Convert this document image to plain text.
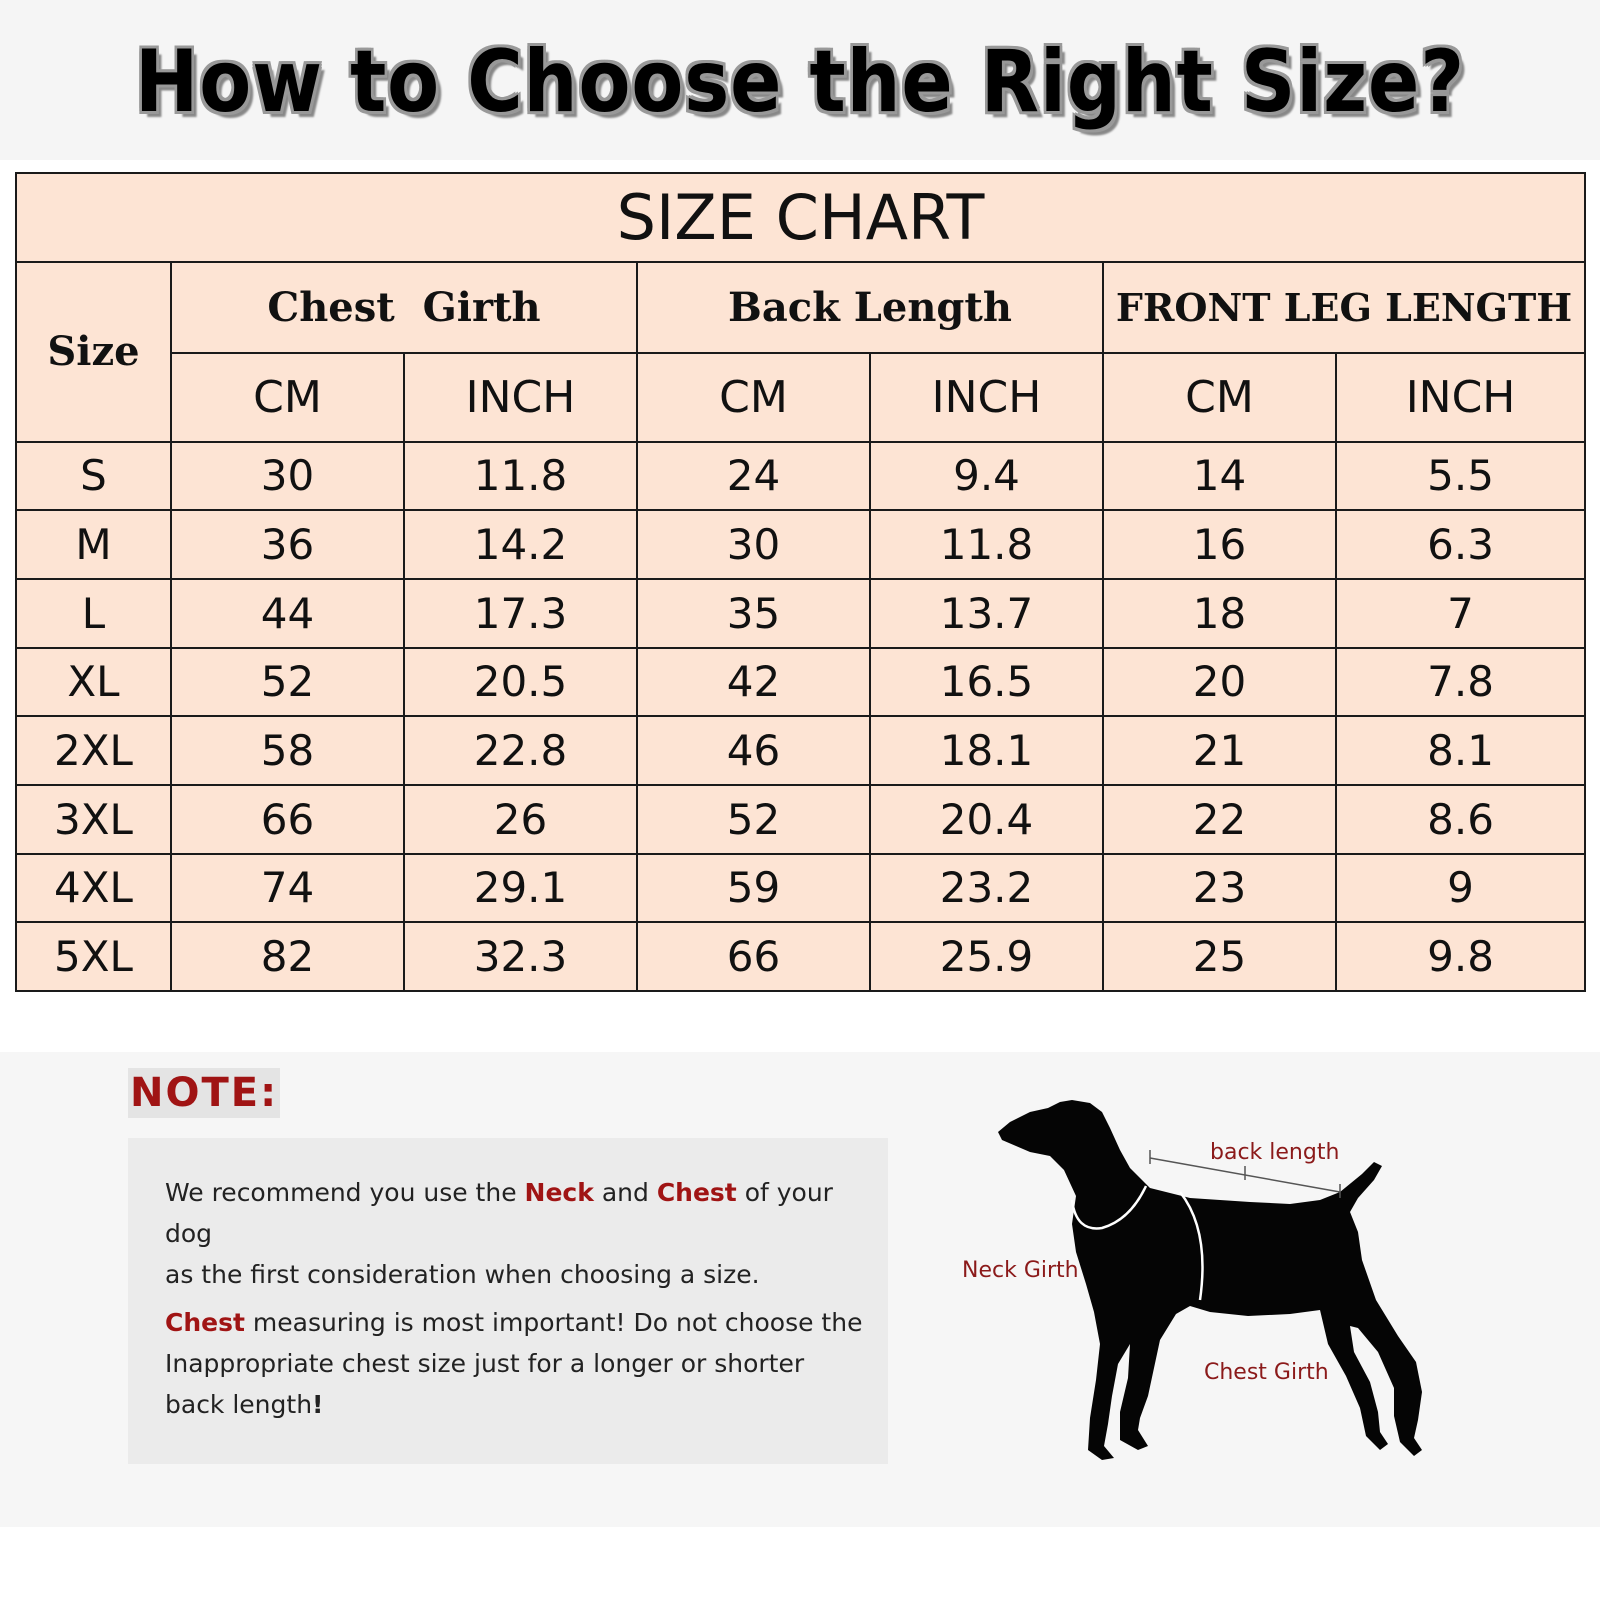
How to Choose the Right Size?
SIZE CHART						
Size	Chest  Girth		Back Length		FRONT LEG LENGTH	
	CM	INCH	CM	INCH	CM	INCH
S	30	11.8	24	9.4	14	5.5
M	36	14.2	30	11.8	16	6.3
L	44	17.3	35	13.7	18	7
XL	52	20.5	42	16.5	20	7.8
2XL	58	22.8	46	18.1	21	8.1
3XL	66	26	52	20.4	22	8.6
4XL	74	29.1	59	23.2	23	9
5XL	82	32.3	66	25.9	25	9.8
NOTE:
We recommend you use the Neck and Chest of your dog
as the first consideration when choosing a size.
Chest measuring is most important! Do not choose the
Inappropriate chest size just for a longer or shorter
back length!
back length
Neck Girth
Chest Girth
